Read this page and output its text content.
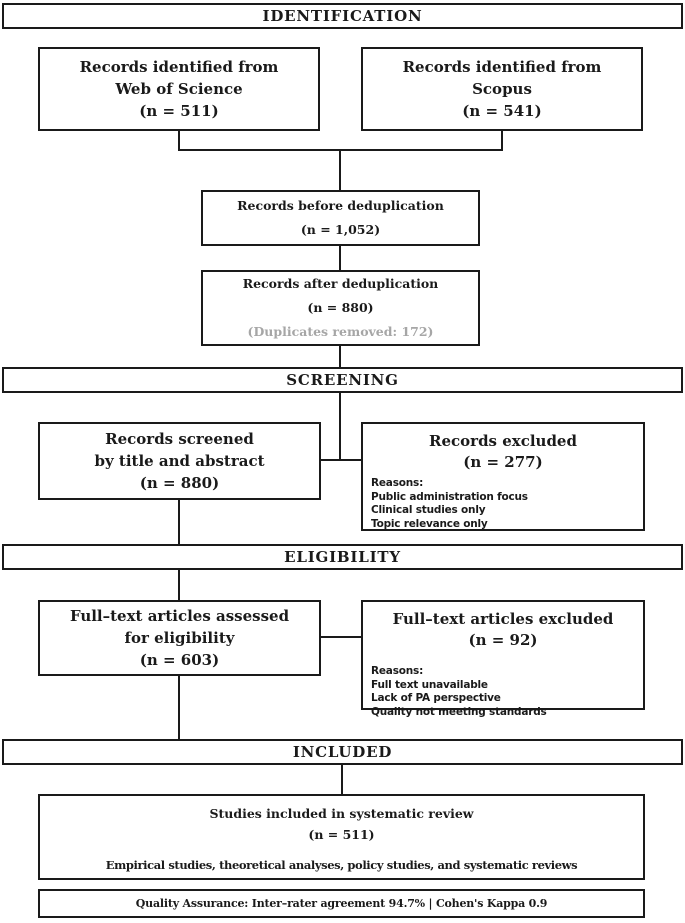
IDENTIFICATION
SCREENING
ELIGIBILITY
INCLUDED
Records identified from
Web of Science
(n = 511)
Records identified from
Scopus
(n = 541)
Records before deduplication
(n = 1,052)
Records after deduplication
(n = 880)
(Duplicates removed: 172)
Records screened
by title and abstract
(n = 880)
Records excluded
(n = 277)
Reasons:
Public administration focus
Clinical studies only
Topic relevance only
Full–text articles assessed
for eligibility
(n = 603)
Full–text articles excluded
(n = 92)
Reasons:
Full text unavailable
Lack of PA perspective
Quality not meeting standards
Studies included in systematic review
(n = 511)
Empirical studies, theoretical analyses, policy studies, and systematic reviews
Quality Assurance: Inter–rater agreement 94.7% | Cohen's Kappa 0.9
